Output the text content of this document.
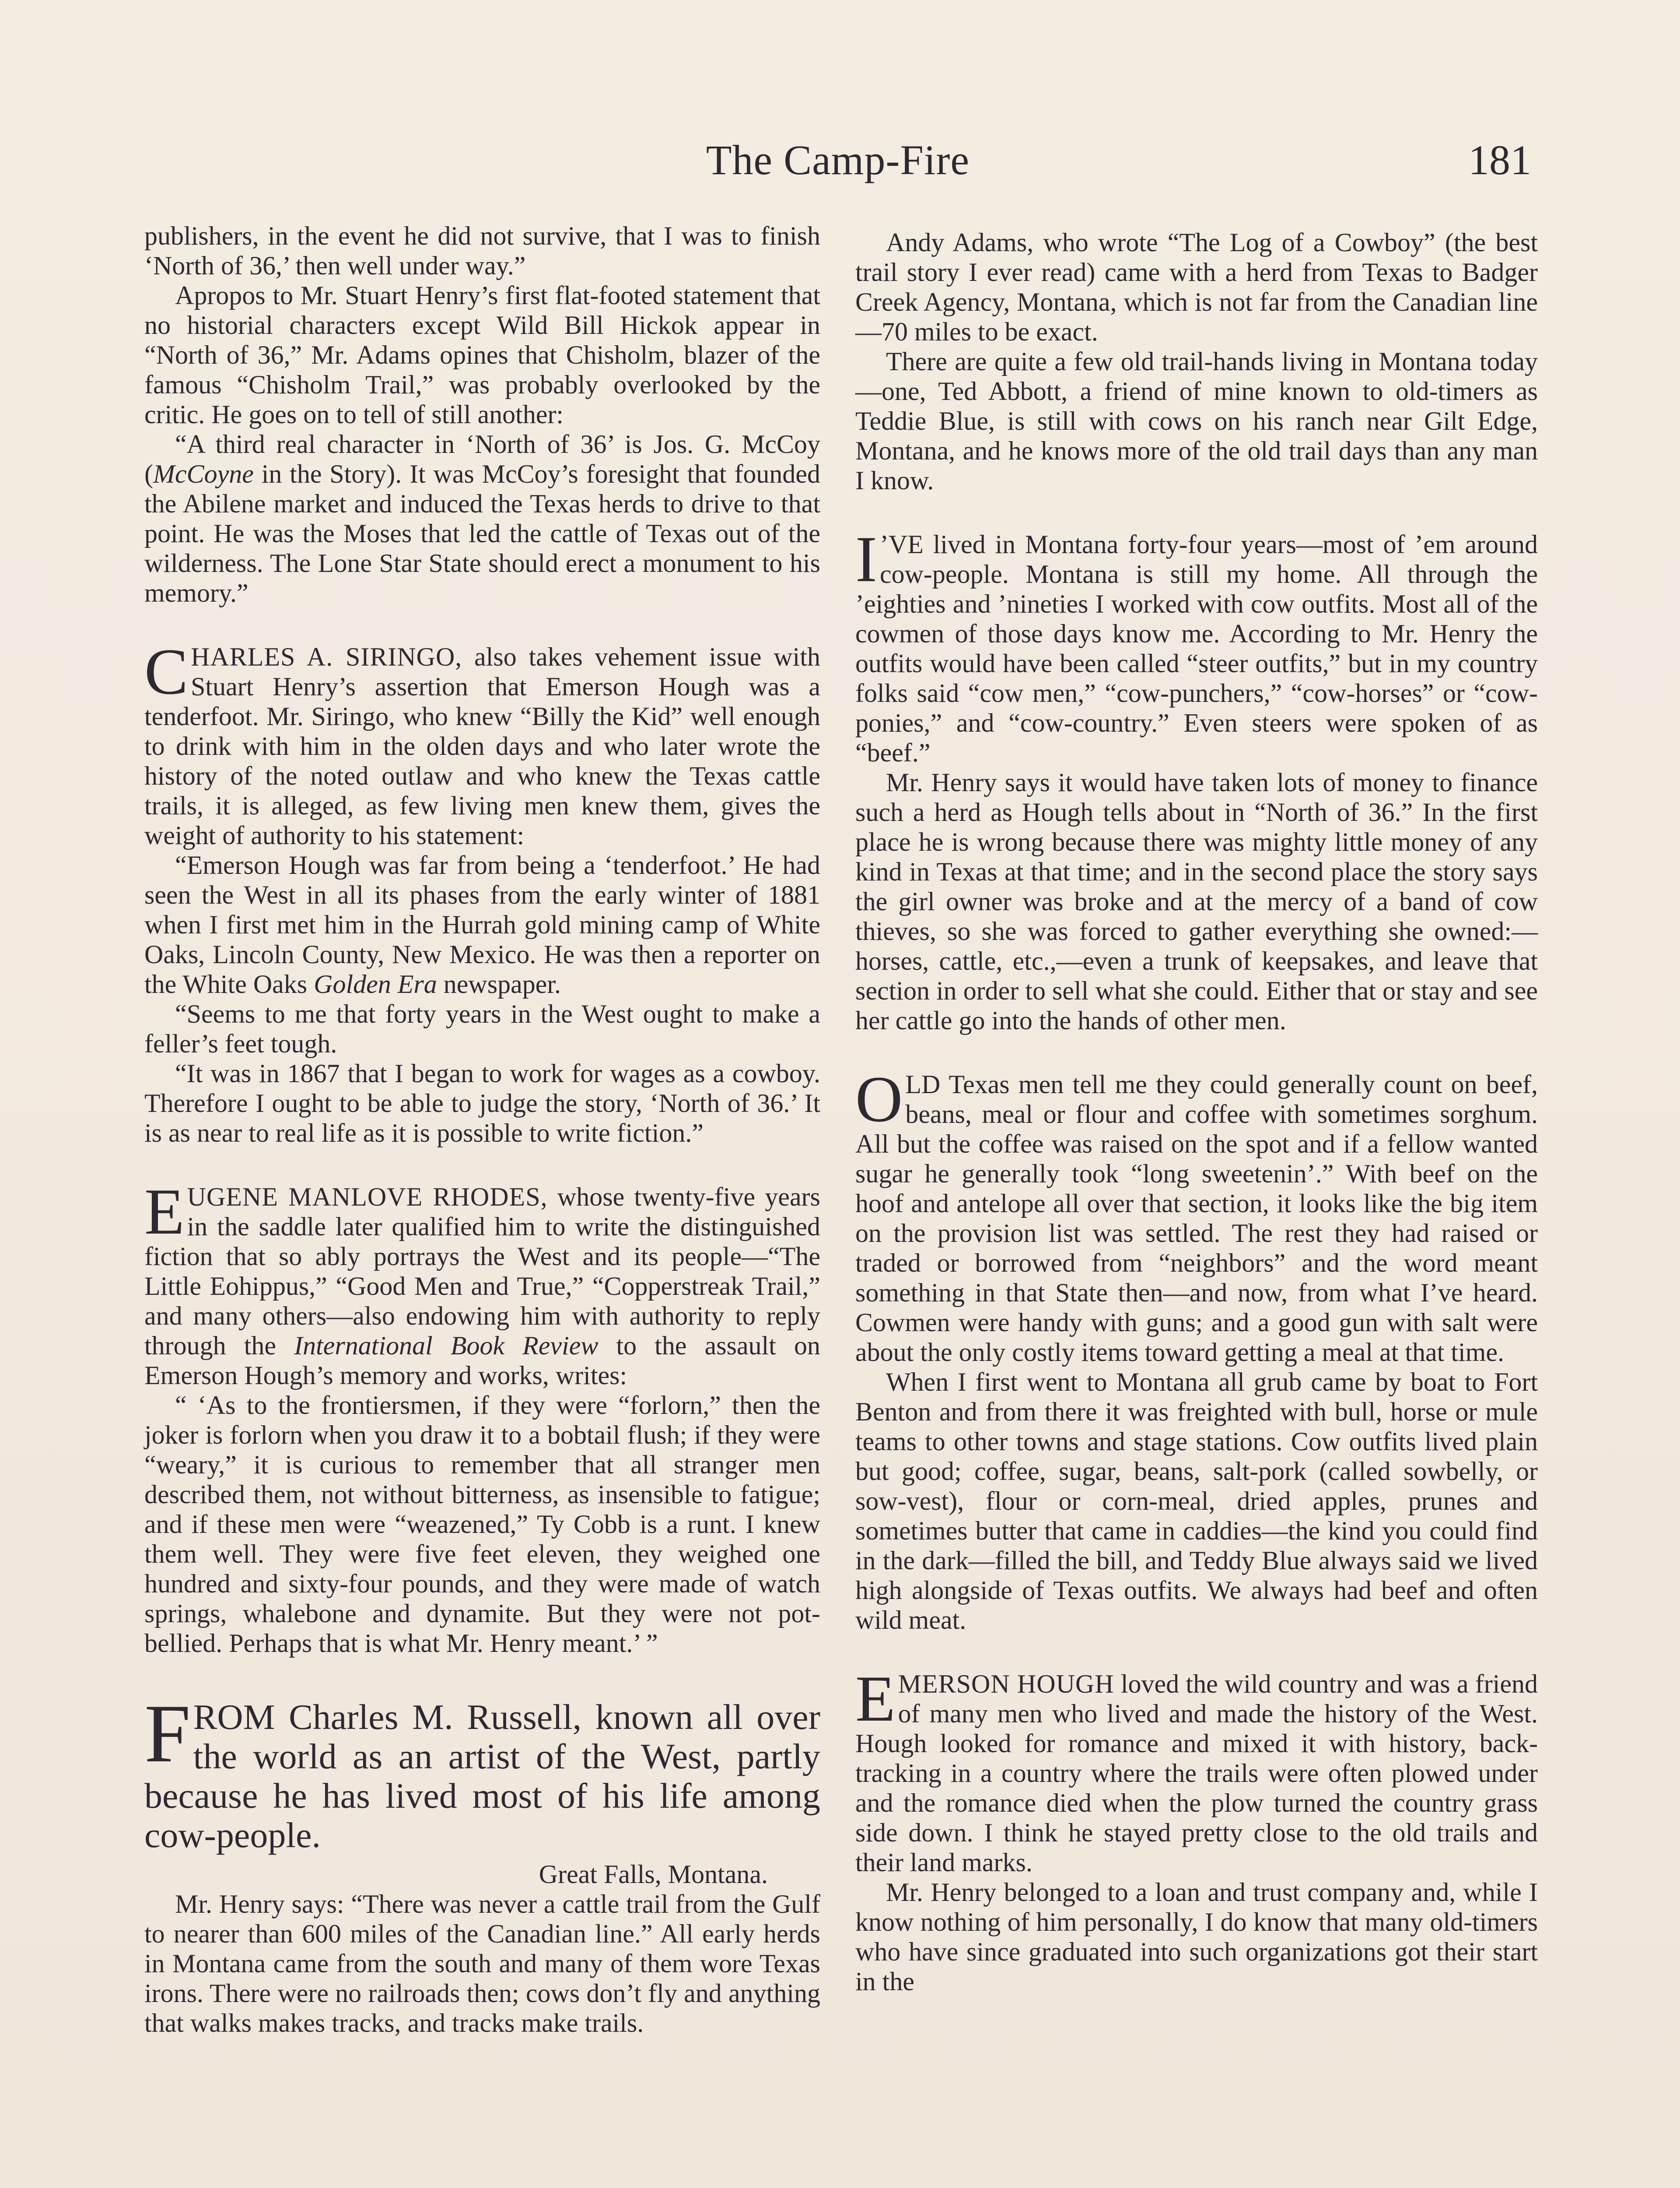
The Camp-Fire	181

publishers, in the event he did not survive, that I was to finish ‘North of 36,’ then well under way.”

Apropos to Mr. Stuart Henry’s first flat-footed statement that no historial characters except Wild Bill Hickok appear in “North of 36,” Mr. Adams opines that Chisholm, blazer of the famous “Chisholm Trail,” was probably overlooked by the critic. He goes on to tell of still another:

“A third real character in ‘North of 36’ is Jos. G. McCoy (McCoyne in the Story). It was McCoy’s foresight that founded the Abilene market and induced the Texas herds to drive to that point. He was the Moses that led the cattle of Texas out of the wilderness. The Lone Star State should erect a monument to his memory.”

CHARLES A. SIRINGO, also takes vehement issue with Stuart Henry’s assertion that Emerson Hough was a tenderfoot. Mr. Siringo, who knew “Billy the Kid” well enough to drink with him in the olden days and who later wrote the history of the noted outlaw and who knew the Texas cattle trails, it is alleged, as few living men knew them, gives the weight of authority to his statement:

“Emerson Hough was far from being a ‘tenderfoot.’ He had seen the West in all its phases from the early winter of 1881 when I first met him in the Hurrah gold mining camp of White Oaks, Lincoln County, New Mexico. He was then a reporter on the White Oaks Golden Era newspaper.

“Seems to me that forty years in the West ought to make a feller’s feet tough.

“It was in 1867 that I began to work for wages as a cowboy. Therefore I ought to be able to judge the story, ‘North of 36.’ It is as near to real life as it is possible to write fiction.”

EUGENE MANLOVE RHODES, whose twenty-five years in the saddle later qualified him to write the distinguished fiction that so ably portrays the West and its people—“The Little Eohippus,” “Good Men and True,” “Copperstreak Trail,” and many others—also endowing him with authority to reply through the International Book Review to the assault on Emerson Hough’s memory and works, writes:

“ ‘As to the frontiersmen, if they were “forlorn,” then the joker is forlorn when you draw it to a bobtail flush; if they were “weary,” it is curious to remember that all stranger men described them, not without bitterness, as insensible to fatigue; and if these men were “weazened,” Ty Cobb is a runt. I knew them well. They were five feet eleven, they weighed one hundred and sixty-four pounds, and they were made of watch springs, whalebone and dynamite. But they were not pot-bellied. Perhaps that is what Mr. Henry meant.’ ”

FROM Charles M. Russell, known all over the world as an artist of the West, partly because he has lived most of his life among cow-people.

Great Falls, Montana.

Mr. Henry says: “There was never a cattle trail from the Gulf to nearer than 600 miles of the Canadian line.” All early herds in Montana came from the south and many of them wore Texas irons. There were no railroads then; cows don’t fly and anything that walks makes tracks, and tracks make trails.

Andy Adams, who wrote “The Log of a Cowboy” (the best trail story I ever read) came with a herd from Texas to Badger Creek Agency, Montana, which is not far from the Canadian line—70 miles to be exact.

There are quite a few old trail-hands living in Montana today—one, Ted Abbott, a friend of mine known to old-timers as Teddie Blue, is still with cows on his ranch near Gilt Edge, Montana, and he knows more of the old trail days than any man I know.

I ’VE lived in Montana forty-four years—most of ’em around cow-people. Montana is still my home. All through the ’eighties and ’nineties I worked with cow outfits. Most all of the cowmen of those days know me. According to Mr. Henry the outfits would have been called “steer outfits,” but in my country folks said “cow men,” “cow-punchers,” “cow-horses” or “cow-ponies,” and “cow-country.” Even steers were spoken of as “beef.”

Mr. Henry says it would have taken lots of money to finance such a herd as Hough tells about in “North of 36.” In the first place he is wrong because there was mighty little money of any kind in Texas at that time; and in the second place the story says the girl owner was broke and at the mercy of a band of cow thieves, so she was forced to gather everything she owned:—horses, cattle, etc.,—even a trunk of keepsakes, and leave that section in order to sell what she could. Either that or stay and see her cattle go into the hands of other men.

OLD Texas men tell me they could generally count on beef, beans, meal or flour and coffee with sometimes sorghum. All but the coffee was raised on the spot and if a fellow wanted sugar he generally took “long sweetenin’.” With beef on the hoof and antelope all over that section, it looks like the big item on the provision list was settled. The rest they had raised or traded or borrowed from “neighbors” and the word meant something in that State then—and now, from what I’ve heard. Cowmen were handy with guns; and a good gun with salt were about the only costly items toward getting a meal at that time.

When I first went to Montana all grub came by boat to Fort Benton and from there it was freighted with bull, horse or mule teams to other towns and stage stations. Cow outfits lived plain but good; coffee, sugar, beans, salt-pork (called sowbelly, or sow-vest), flour or corn-meal, dried apples, prunes and sometimes butter that came in caddies—the kind you could find in the dark—filled the bill, and Teddy Blue always said we lived high alongside of Texas outfits. We always had beef and often wild meat.

EMERSON HOUGH loved the wild country and was a friend of many men who lived and made the history of the West. Hough looked for romance and mixed it with history, back-tracking in a country where the trails were often plowed under and the romance died when the plow turned the country grass side down. I think he stayed pretty close to the old trails and their land marks.

Mr. Henry belonged to a loan and trust company and, while I know nothing of him personally, I do know that many old-timers who have since graduated into such organizations got their start in the
